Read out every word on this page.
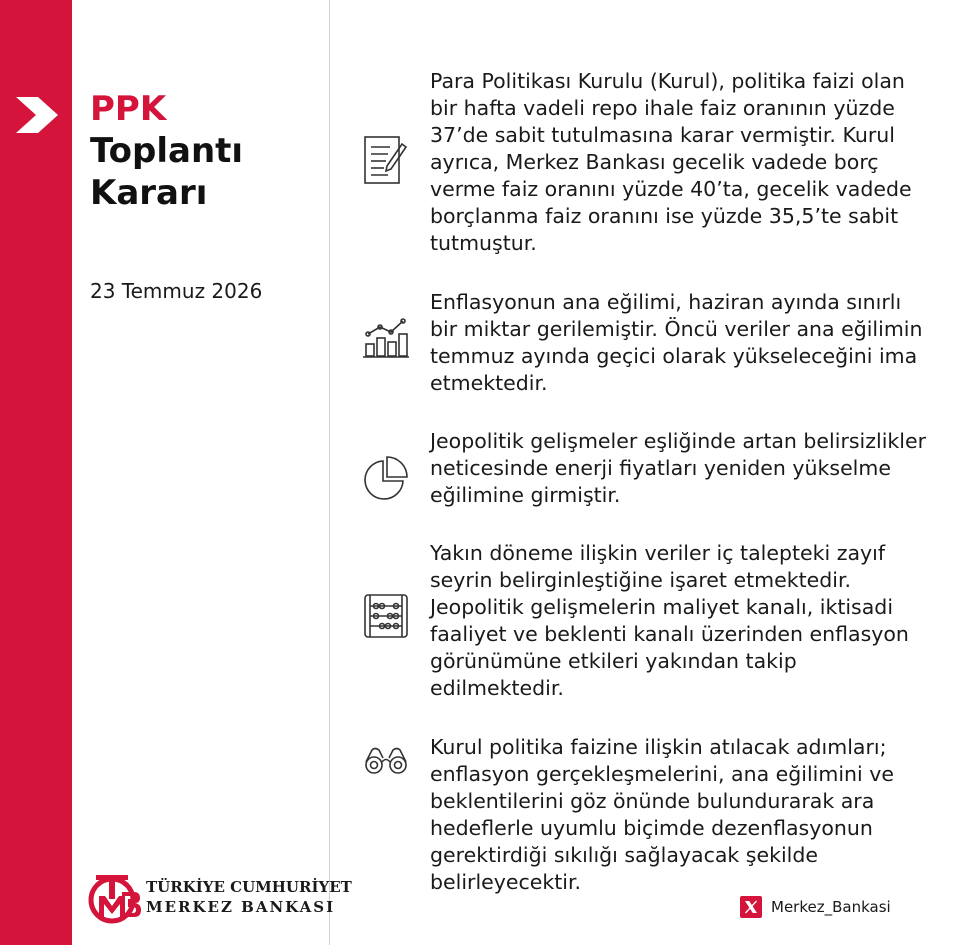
PPK
Toplantı
Kararı
23 Temmuz 2026
Para Politikası Kurulu (Kurul), politika faizi olan bir hafta vadeli repo ihale faiz oranının yüzde 37’de sabit tutulmasına karar vermiştir. Kurul ayrıca, Merkez Bankası gecelik vadede borç verme faiz oranını yüzde 40’ta, gecelik vadede borçlanma faiz oranını ise yüzde 35,5’te sabit tutmuştur.
Enflasyonun ana eğilimi, haziran ayında sınırlı bir miktar gerilemiştir. Öncü veriler ana eğilimin temmuz ayında geçici olarak yükseleceğini ima etmektedir.
Jeopolitik gelişmeler eşliğinde artan belirsizlikler neticesinde enerji fiyatları yeniden yükselme eğilimine girmiştir.
Yakın döneme ilişkin veriler iç talepteki zayıf seyrin belirginleştiğine işaret etmektedir. Jeopolitik gelişmelerin maliyet kanalı, iktisadi faaliyet ve beklenti kanalı üzerinden enflasyon görünümüne etkileri yakından takip edilmektedir.
Kurul politika faizine ilişkin atılacak adımları; enflasyon gerçekleşmelerini, ana eğilimini ve beklentilerini göz önünde bulundurarak ara hedeflerle uyumlu biçimde dezenflasyonun gerektirdiği sıkılığı sağlayacak şekilde belirleyecektir.
TÜRKİYE CUMHURİYET
MERKEZ BANKASI	Merkez_Bankasi
